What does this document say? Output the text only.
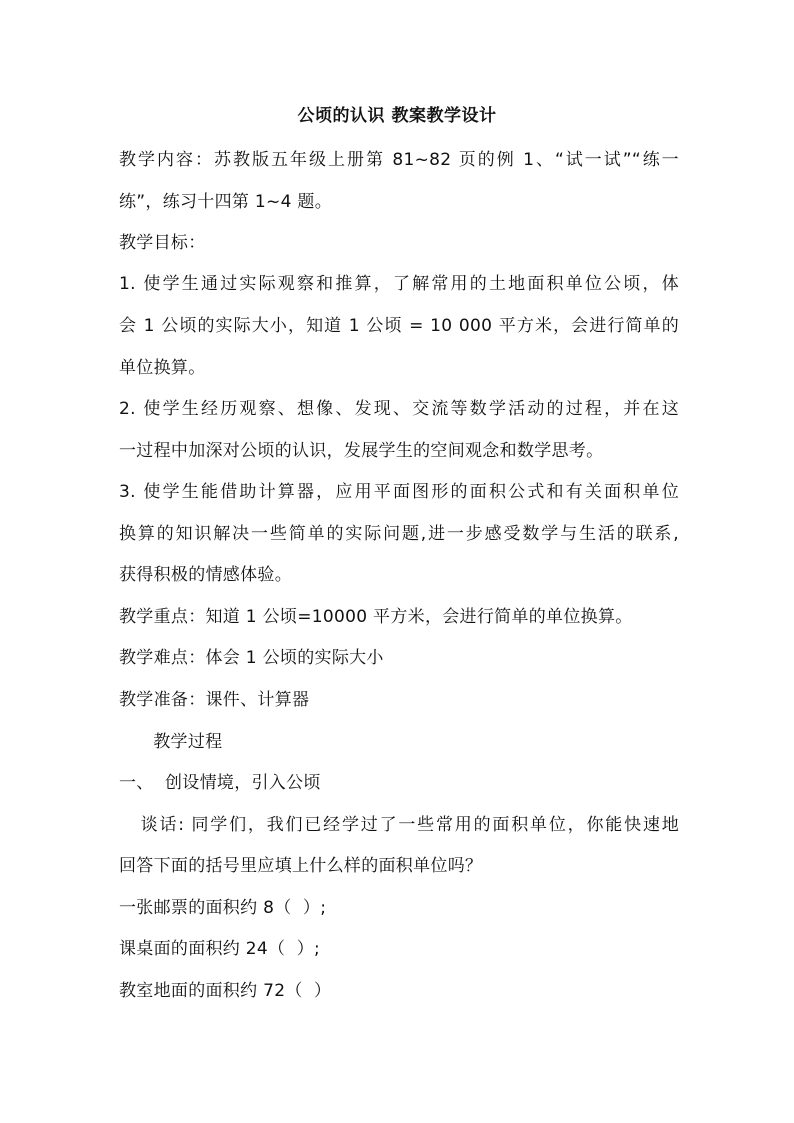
公顷的认识 教案教学设计
教学内容：苏教版五年级上册第 81~82 页的例 1、“试一试”“练一
练”，练习十四第 1~4 题。
教学目标：
1. 使学生通过实际观察和推算，了解常用的土地面积单位公顷，体
会 1 公顷的实际大小，知道 1 公顷 = 10 000 平方米，会进行简单的
单位换算。
2. 使学生经历观察、想像、发现、交流等数学活动的过程，并在这
一过程中加深对公顷的认识，发展学生的空间观念和数学思考。
3. 使学生能借助计算器，应用平面图形的面积公式和有关面积单位
换算的知识解决一些简单的实际问题,进一步感受数学与生活的联系,
获得积极的情感体验。
教学重点：知道 1 公顷=10000 平方米，会进行简单的单位换算。
教学难点：体会 1 公顷的实际大小
教学准备：课件、计算器
教学过程
一、  创设情境，引入公顷
谈话: 同学们，我们已经学过了一些常用的面积单位，你能快速地
回答下面的括号里应填上什么样的面积单位吗？
一张邮票的面积约 8（  ）;
课桌面的面积约 24（  ）;
教室地面的面积约 72（  ）
